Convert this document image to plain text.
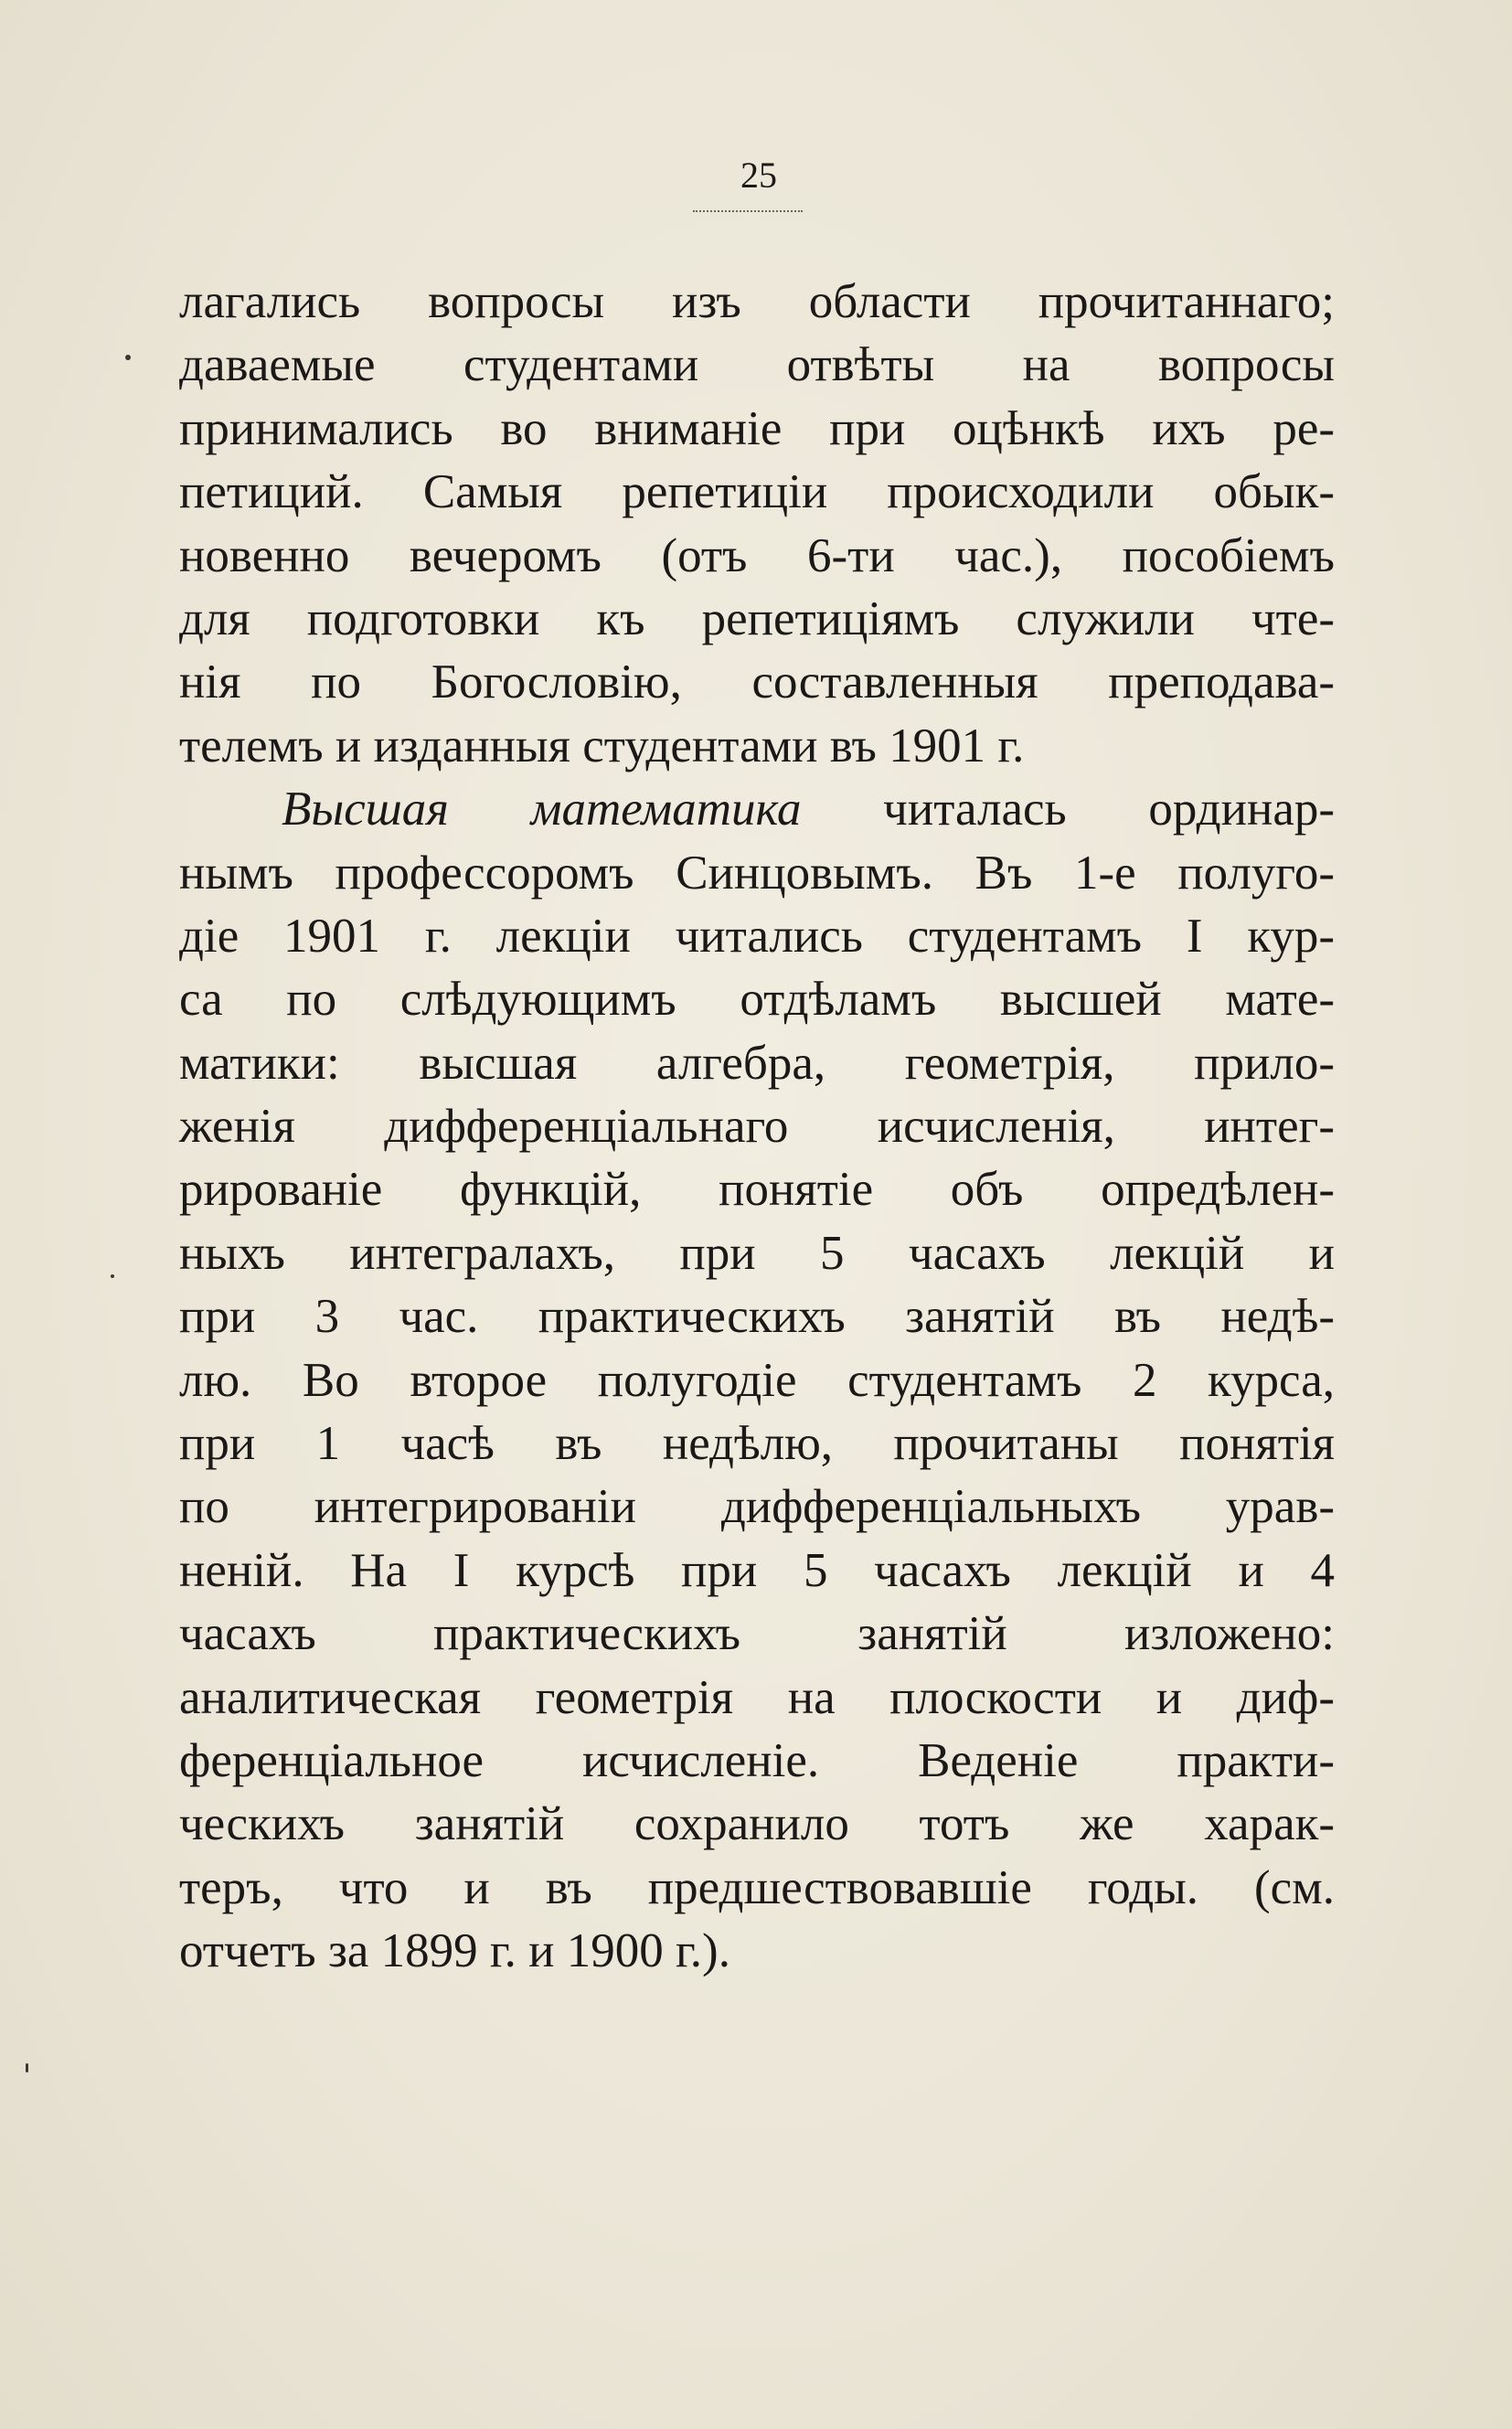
25
лагались вопросы изъ области прочитаннаго;
даваемые студентами отвѣты на вопросы
принимались во вниманіе при оцѣнкѣ ихъ ре-
петиций. Самыя репетиціи происходили обык-
новенно вечеромъ (отъ 6-ти час.), пособіемъ
для подготовки къ репетиціямъ служили чте-
нія по Богословію, составленныя преподава-
телемъ и изданныя студентами въ 1901 г.
Высшая математика читалась ординар-
нымъ профессоромъ Синцовымъ. Въ 1-е полуго-
діе 1901 г. лекціи читались студентамъ I кур-
са по слѣдующимъ отдѣламъ высшей мате-
матики: высшая алгебра, геометрія, прило-
женія дифференціальнаго исчисленія, интег-
рированіе функцій, понятіе объ опредѣлен-
ныхъ интегралахъ, при 5 часахъ лекцій и
при 3 час. практическихъ занятій въ недѣ-
лю. Во второе полугодіе студентамъ 2 курса,
при 1 часѣ въ недѣлю, прочитаны понятія
по интегрированіи дифференціальныхъ урав-
неній. На I курсѣ при 5 часахъ лекцій и 4
часахъ практическихъ занятій изложено:
аналитическая геометрія на плоскости и диф-
ференціальное исчисленіе. Веденіе практи-
ческихъ занятій сохранило тотъ же харак-
теръ, что и въ предшествовавшіе годы. (см.
отчетъ за 1899 г. и 1900 г.).
